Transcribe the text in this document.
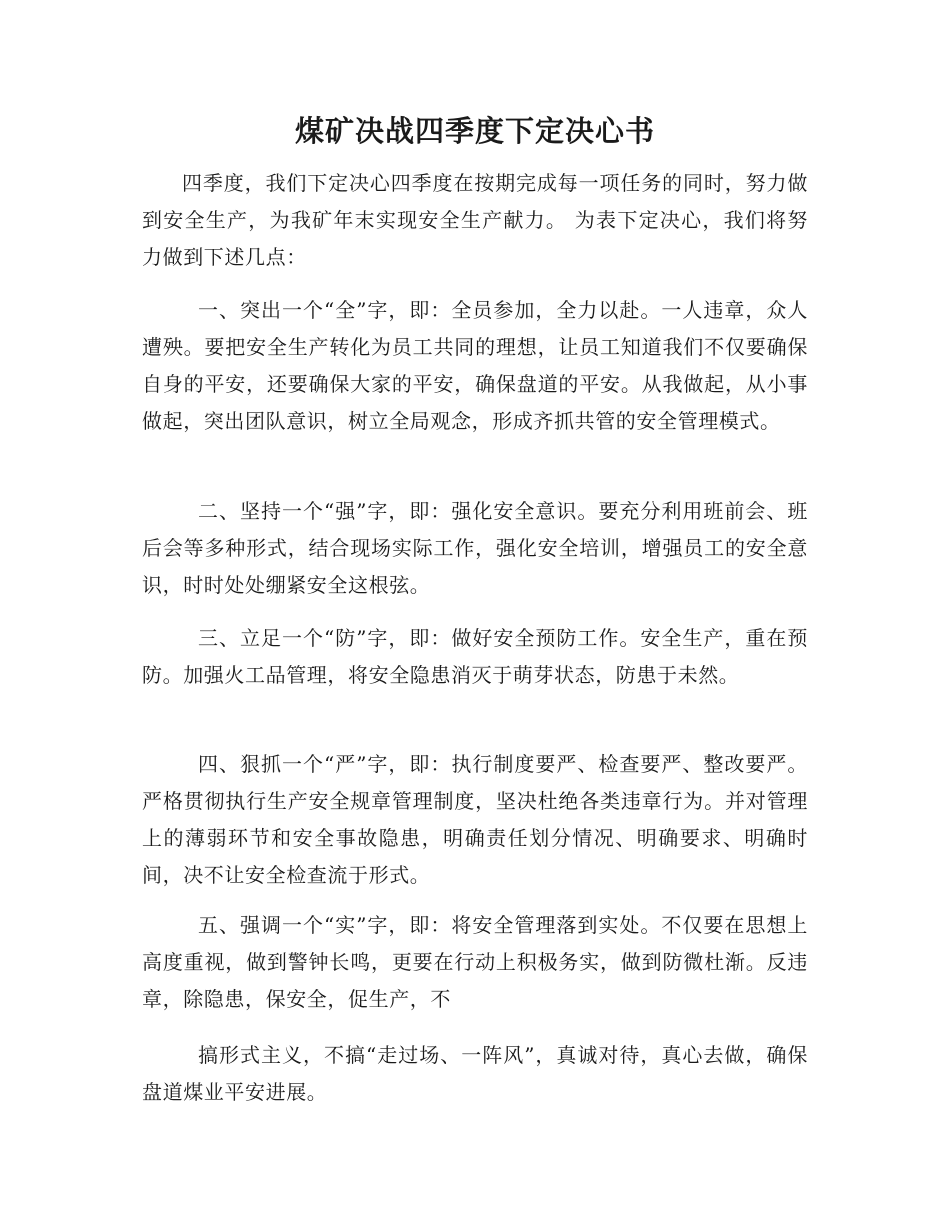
煤矿决战四季度下定决心书

四季度，我们下定决心四季度在按期完成每一项任务的同时，努力做到安全生产，为我矿年末实现安全生产献力。 为表下定决心，我们将努力做到下述几点：

一、突出一个“全”字，即：全员参加，全力以赴。一人违章，众人遭殃。要把安全生产转化为员工共同的理想，让员工知道我们不仅要确保自身的平安，还要确保大家的平安，确保盘道的平安。从我做起，从小事做起，突出团队意识，树立全局观念，形成齐抓共管的安全管理模式。

二、坚持一个“强”字，即：强化安全意识。要充分利用班前会、班后会等多种形式，结合现场实际工作，强化安全培训，增强员工的安全意识，时时处处绷紧安全这根弦。

三、立足一个“防”字，即：做好安全预防工作。安全生产，重在预防。加强火工品管理，将安全隐患消灭于萌芽状态，防患于未然。

四、狠抓一个“严”字，即：执行制度要严、检查要严、整改要严。严格贯彻执行生产安全规章管理制度，坚决杜绝各类违章行为。并对管理上的薄弱环节和安全事故隐患，明确责任划分情况、明确要求、明确时间，决不让安全检查流于形式。

五、强调一个“实”字，即：将安全管理落到实处。不仅要在思想上高度重视，做到警钟长鸣，更要在行动上积极务实，做到防微杜渐。反违章，除隐患，保安全，促生产，不

搞形式主义，不搞“走过场、一阵风”，真诚对待，真心去做，确保盘道煤业平安进展。
